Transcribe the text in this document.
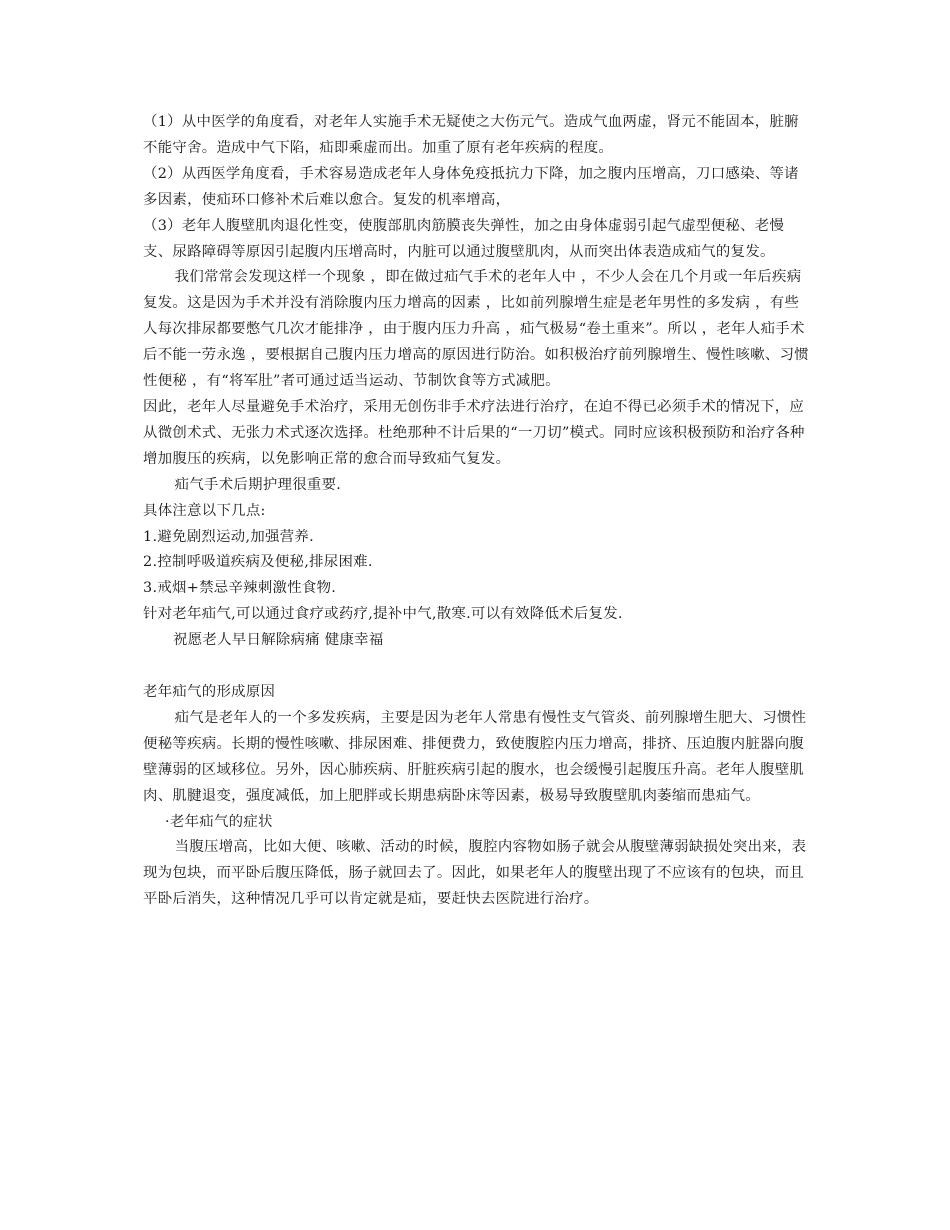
（1）从中医学的角度看，对老年人实施手术无疑使之大伤元气。造成气血两虚，肾元不能固本，脏腑不能守舍。造成中气下陷，疝即乘虚而出。加重了原有老年疾病的程度。

（2）从西医学角度看，手术容易造成老年人身体免疫抵抗力下降，加之腹内压增高，刀口感染、等诸多因素，使疝环口修补术后难以愈合。复发的机率增高，

（3）老年人腹壁肌肉退化性变，使腹部肌肉筋膜丧失弹性，加之由身体虚弱引起气虚型便秘、老慢支、尿路障碍等原因引起腹内压增高时，内脏可以通过腹壁肌肉，从而突出体表造成疝气的复发。

我们常常会发现这样一个现象 ，即在做过疝气手术的老年人中 ，不少人会在几个月或一年后疾病复发。这是因为手术并没有消除腹内压力增高的因素 ，比如前列腺增生症是老年男性的多发病 ，有些人每次排尿都要憋气几次才能排净 ，由于腹内压力升高 ，疝气极易“卷土重来”。所以 ，老年人疝手术后不能一劳永逸 ，要根据自己腹内压力增高的原因进行防治。如积极治疗前列腺增生、慢性咳嗽、习惯性便秘 ，有“将军肚”者可通过适当运动、节制饮食等方式减肥。

因此，老年人尽量避免手术治疗，采用无创伤非手术疗法进行治疗，在迫不得已必须手术的情况下，应从微创术式、无张力术式逐次选择。杜绝那种不计后果的“一刀切”模式。同时应该积极预防和治疗各种增加腹压的疾病，以免影响正常的愈合而导致疝气复发。

疝气手术后期护理很重要.

具体注意以下几点:

1.避免剧烈运动,加强营养.

2.控制呼吸道疾病及便秘,排尿困难.

3.戒烟+禁忌辛辣刺激性食物.

针对老年疝气,可以通过食疗或药疗,提补中气,散寒.可以有效降低术后复发.

祝愿老人早日解除病痛 健康幸福

老年疝气的形成原因

疝气是老年人的一个多发疾病，主要是因为老年人常患有慢性支气管炎、前列腺增生肥大、习惯性便秘等疾病。长期的慢性咳嗽、排尿困难、排便费力，致使腹腔内压力增高，排挤、压迫腹内脏器向腹壁薄弱的区域移位。另外，因心肺疾病、肝脏疾病引起的腹水，也会缓慢引起腹压升高。老年人腹壁肌肉、肌腱退变，强度减低，加上肥胖或长期患病卧床等因素，极易导致腹壁肌肉萎缩而患疝气。

·老年疝气的症状

当腹压增高，比如大便、咳嗽、活动的时候，腹腔内容物如肠子就会从腹壁薄弱缺损处突出来，表现为包块，而平卧后腹压降低，肠子就回去了。因此，如果老年人的腹壁出现了不应该有的包块，而且平卧后消失，这种情况几乎可以肯定就是疝，要赶快去医院进行治疗。
